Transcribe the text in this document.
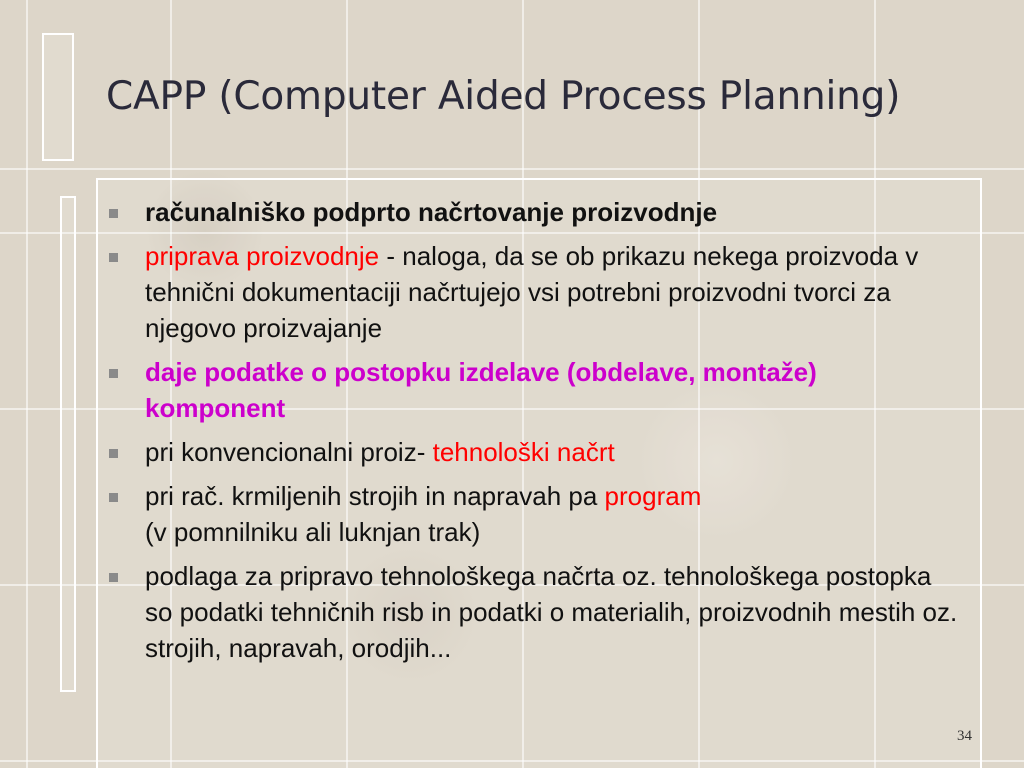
CAPP (Computer Aided Process Planning)
računalniško podprto načrtovanje proizvodnje
priprava proizvodnje - naloga, da se ob prikazu nekega proizvoda v tehnični dokumentaciji načrtujejo vsi potrebni proizvodni tvorci za njegovo proizvajanje
daje podatke o postopku izdelave (obdelave, montaže) komponent
pri konvencionalni proiz- tehnološki načrt
pri rač. krmiljenih strojih in napravah pa program
(v pomnilniku ali luknjan trak)
podlaga za pripravo tehnološkega načrta oz. tehnološkega postopka so podatki tehničnih risb in podatki o materialih, proizvodnih mestih oz. strojih, napravah, orodjih...
34
